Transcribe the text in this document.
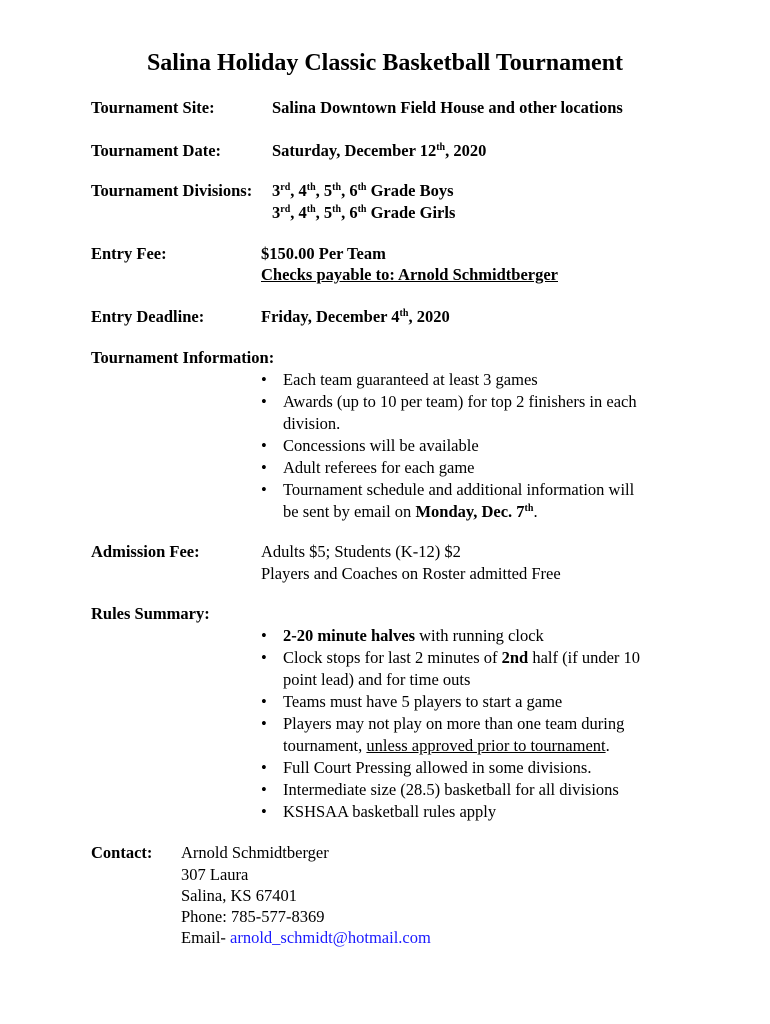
Salina Holiday Classic Basketball Tournament
Tournament Site:	Salina Downtown Field House and other locations
Tournament Date:	Saturday, December 12th, 2020
Tournament Divisions: 3rd, 4th, 5th, 6th Grade Boys
3rd, 4th, 5th, 6th Grade Girls
Entry Fee:	$150.00 Per Team
Checks payable to: Arnold Schmidtberger
Entry Deadline:	Friday, December 4th, 2020
Tournament Information:
• Each team guaranteed at least 3 games
• Awards (up to 10 per team) for top 2 finishers in each
division.
• Concessions will be available
• Adult referees for each game
• Tournament schedule and additional information will
be sent by email on Monday, Dec. 7th.
Admission Fee:	Adults $5; Students (K-12) $2
Players and Coaches on Roster admitted Free
Rules Summary:
• 2-20 minute halves with running clock
• Clock stops for last 2 minutes of 2nd half (if under 10
point lead) and for time outs
• Teams must have 5 players to start a game
• Players may not play on more than one team during
tournament, unless approved prior to tournament.
• Full Court Pressing allowed in some divisions.
• Intermediate size (28.5) basketball for all divisions
• KSHSAA basketball rules apply
Contact: Arnold Schmidtberger
307 Laura
Salina, KS 67401
Phone: 785-577-8369
Email- arnold_schmidt@hotmail.com
